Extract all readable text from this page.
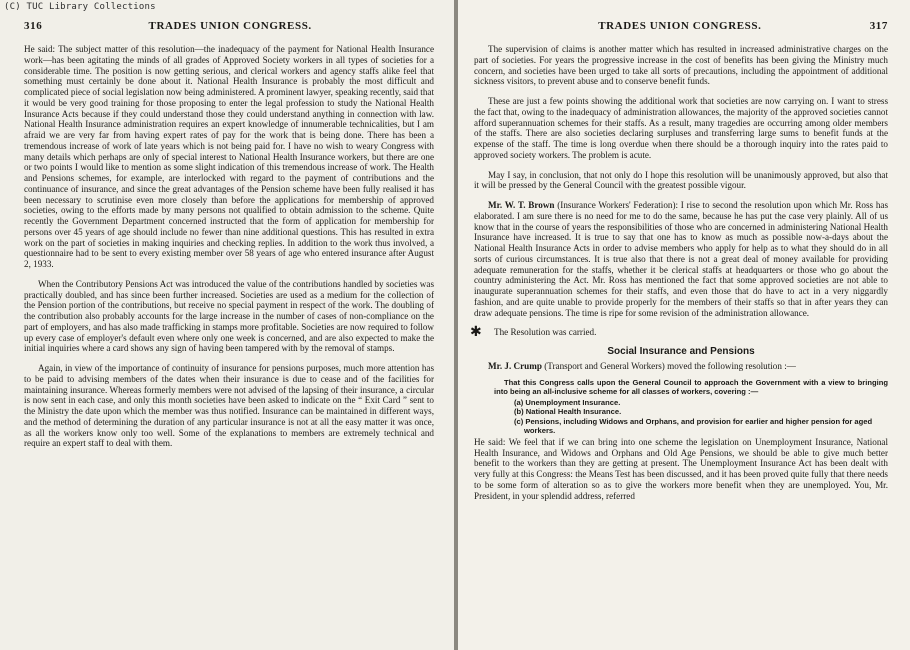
(C) TUC Library Collections
316	TRADES UNION CONGRESS.

He said: The subject matter of this resolution—the inadequacy of the payment for National Health Insurance work—has been agitating the minds of all grades of Approved Society workers in all types of societies for a considerable time. The position is now getting serious, and clerical workers and agency staffs alike feel that something must certainly be done about it. National Health Insurance is probably the most difficult and complicated piece of social legislation now being administered. A prominent lawyer, speaking recently, said that it would be very good training for those proposing to enter the legal profession to study the National Health Insurance Acts because if they could understand those they could understand anything in connection with law. National Health Insurance administration requires an expert knowledge of innumerable technicalities, but I am afraid we are very far from having expert rates of pay for the work that is being done. There has been a tremendous increase of work of late years which is not being paid for. I have no wish to weary Congress with many details which perhaps are only of special interest to National Health Insurance workers, but there are one or two points I would like to mention as some slight indication of this tremendous increase of work. The Health and Pensions schemes, for example, are interlocked with regard to the payment of contributions and the continuance of insurance, and since the great advantages of the Pension scheme have been fully realised it has been necessary to scrutinise even more closely than before the applications for membership of approved societies, owing to the efforts made by many persons not qualified to obtain admission to the scheme. Quite recently the Government Department concerned instructed that the form of application for membership for persons over 45 years of age should include no fewer than nine additional questions. This has resulted in extra work on the part of societies in making inquiries and checking replies. In addition to the work thus involved, a questionnaire had to be sent to every existing member over 58 years of age who entered insurance after August 2, 1933.

When the Contributory Pensions Act was introduced the value of the contributions handled by societies was practically doubled, and has since been further increased. Societies are used as a medium for the collection of the Pension portion of the contributions, but receive no special payment in respect of the work. The doubling of the contribution also probably accounts for the large increase in the number of cases of non-compliance on the part of employers, and has also made trafficking in stamps more profitable. Societies are now required to follow up every case of employer's default even where only one week is concerned, and are also expected to make the initial inquiries where a card shows any sign of having been tampered with by the removal of stamps.

Again, in view of the importance of continuity of insurance for pensions purposes, much more attention has to be paid to advising members of the dates when their insurance is due to cease and of the facilities for maintaining insurance. Whereas formerly members were not advised of the lapsing of their insurance, a circular is now sent in each case, and only this month societies have been asked to indicate on the “ Exit Card ” sent to the Ministry the date upon which the member was thus notified. Insurance can be maintained in different ways, and the method of determining the duration of any particular insurance is not at all the easy matter it was once, as all the workers know only too well. Some of the explanations to members are extremely technical and require an expert staff to deal with them.

TRADES UNION CONGRESS.	317

The supervision of claims is another matter which has resulted in increased administrative charges on the part of societies. For years the progressive increase in the cost of benefits has been giving the Ministry much concern, and societies have been urged to take all sorts of precautions, including the appointment of additional sickness visitors, to prevent abuse and to conserve benefit funds.

These are just a few points showing the additional work that societies are now carrying on. I want to stress the fact that, owing to the inadequacy of administration allowances, the majority of the approved societies cannot afford superannuation schemes for their staffs. As a result, many tragedies are occurring among older members of the staffs. There are also societies declaring surpluses and transferring large sums to benefit funds at the expense of the staff. The time is long overdue when there should be a thorough inquiry into the rates paid to approved society workers. The problem is acute.

May I say, in conclusion, that not only do I hope this resolution will be unanimously approved, but also that it will be pressed by the General Council with the greatest possible vigour.

Mr. W. T. Brown (Insurance Workers' Federation): I rise to second the resolution upon which Mr. Ross has elaborated. I am sure there is no need for me to do the same, because he has put the case very plainly. All of us know that in the course of years the responsibilities of those who are concerned in administering National Health Insurance have increased. It is true to say that one has to know as much as possible now-a-days about the National Health Insurance Acts in order to advise members who apply for help as to what they should do in all sorts of curious circumstances. It is true also that there is not a great deal of money available for providing adequate remuneration for the staffs, whether it be clerical staffs at headquarters or those who go about the country administering the Act. Mr. Ross has mentioned the fact that some approved societies are not able to inaugurate superannuation schemes for their staffs, and even those that do have to act in a very niggardly fashion, and are quite unable to provide properly for the members of their staffs so that in after years they can draw adequate pensions. The time is ripe for some revision of the administration allowance.

✱	The Resolution was carried.
Social Insurance and Pensions

Mr. J. Crump (Transport and General Workers) moved the following resolution :—

That this Congress calls upon the General Council to approach the Government with a view to bringing into being an all-inclusive scheme for all classes of workers, covering :—
(a) Unemployment Insurance.
(b) National Health Insurance.
(c) Pensions, including Widows and Orphans, and provision for earlier and higher pension for aged workers.

He said: We feel that if we can bring into one scheme the legislation on Unemployment Insurance, National Health Insurance, and Widows and Orphans and Old Age Pensions, we should be able to give much better benefit to the workers than they are getting at present. The Unemployment Insurance Act has been dealt with very fully at this Congress: the Means Test has been discussed, and it has been proved quite fully that there needs to be some form of alteration so as to give the workers more benefit when they are unemployed. You, Mr. President, in your splendid address, referred
